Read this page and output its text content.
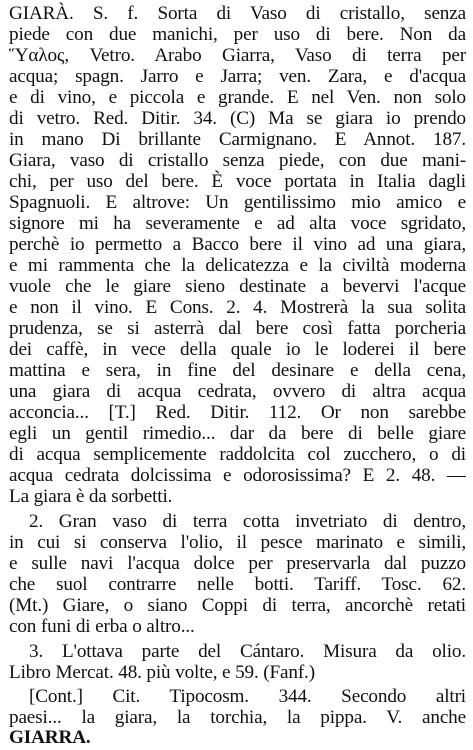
GIARÀ. S. f. Sorta di Vaso di cristallo, senza
piede con due manichi, per uso di bere. Non da
Ὕαλος, Vetro. Arabo Giarra, Vaso di terra per
acqua; spagn. Jarro e Jarra; ven. Zara, e d'acqua
e di vino, e piccola e grande. E nel Ven. non solo
di vetro. Red. Ditir. 34. (C) Ma se giara io prendo
in mano Di brillante Carmignano. E Annot. 187.
Giara, vaso di cristallo senza piede, con due mani-
chi, per uso del bere. È voce portata in Italia dagli
Spagnuoli. E altrove: Un gentilissimo mio amico e
signore mi ha severamente e ad alta voce sgridato,
perchè io permetto a Bacco bere il vino ad una giara,
e mi rammenta che la delicatezza e la civiltà moderna
vuole che le giare sieno destinate a bevervi l'acque
e non il vino. E Cons. 2. 4. Mostrerà la sua solita
prudenza, se si asterrà dal bere così fatta porcheria
dei caffè, in vece della quale io le loderei il bere
mattina e sera, in fine del desinare e della cena,
una giara di acqua cedrata, ovvero di altra acqua
acconcia... [T.] Red. Ditir. 112. Or non sarebbe
egli un gentil rimedio... dar da bere di belle giare
di acqua semplicemente raddolcita col zucchero, o di
acqua cedrata dolcissima e odorosissima? E 2. 48. —
La giara è da sorbetti.
2. Gran vaso di terra cotta invetriato di dentro,
in cui si conserva l'olio, il pesce marinato e simili,
e sulle navi l'acqua dolce per preservarla dal puzzo
che suol contrarre nelle botti. Tariff. Tosc. 62.
(Mt.) Giare, o siano Coppi di terra, ancorchè retati
con funi di erba o altro...
3. L'ottava parte del Cántaro. Misura da olio.
Libro Mercat. 48. più volte, e 59. (Fanf.)
[Cont.] Cit. Tipocosm. 344. Secondo altri
paesi... la giara, la torchia, la pippa. V. anche
GIARRA.
